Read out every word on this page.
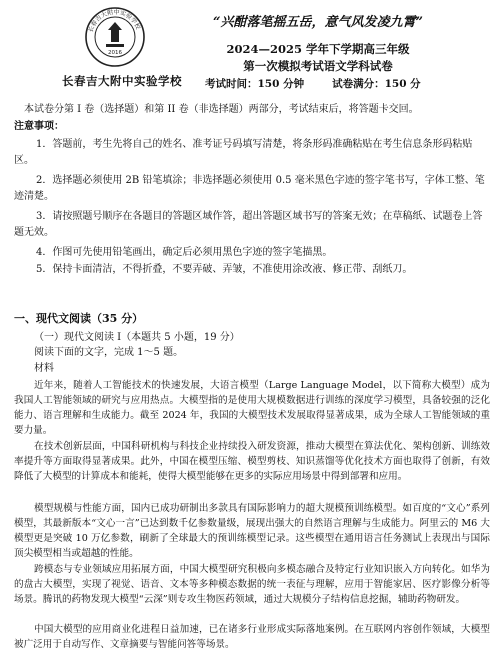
2016
长春吉大附中实验学校
长春吉大附中实验学校
“兴酣落笔摇五岳，意气风发凌九霄”
2024—2025 学年下学期高三年级
第一次模拟考试语文学科试卷
考试时间：150 分钟	试卷满分：150 分
本试卷分第 I 卷（选择题）和第 II 卷（非选择题）两部分，考试结束后，将答题卡交回。
注意事项：
1．答题前，考生先将自己的姓名、准考证号码填写清楚，将条形码准确粘贴在考生信息条形码粘贴区。
2．选择题必须使用 2B 铅笔填涂；非选择题必须使用 0.5 毫米黑色字迹的签字笔书写，字体工整、笔迹清楚。
3．请按照题号顺序在各题目的答题区域作答，超出答题区域书写的答案无效；在草稿纸、试题卷上答题无效。
4．作图可先使用铅笔画出，确定后必须用黑色字迹的签字笔描黑。
5．保持卡面清洁，不得折叠，不要弄破、弄皱，不准使用涂改液、修正带、刮纸刀。
一、现代文阅读（35 分）
（一）现代文阅读 I（本题共 5 小题，19 分）
阅读下面的文字，完成 1～5 题。
材料
近年来，随着人工智能技术的快速发展，大语言模型（Large Language Model，以下简称大模型）成为我国人工智能领域的研究与应用热点。大模型指的是使用大规模数据进行训练的深度学习模型，具备较强的泛化能力、语言理解和生成能力。截至 2024 年，我国的大模型技术发展取得显著成果，成为全球人工智能领域的重要力量。
在技术创新层面，中国科研机构与科技企业持续投入研发资源，推动大模型在算法优化、架构创新、训练效率提升等方面取得显著成果。此外，中国在模型压缩、模型剪枝、知识蒸馏等优化技术方面也取得了创新，有效降低了大模型的计算成本和能耗，使得大模型能够在更多的实际应用场景中得到部署和应用。
模型规模与性能方面，国内已成功研制出多款具有国际影响力的超大规模预训练模型。如百度的“文心”系列模型，其最新版本“文心一言”已达到数千亿参数量级，展现出强大的自然语言理解与生成能力。阿里云的 M6 大模型更是突破 10 万亿参数，刷新了全球最大的预训练模型记录。这些模型在通用语言任务测试上表现出与国际顶尖模型相当或超越的性能。
跨模态与专业领域应用拓展方面，中国大模型研究积极向多模态融合及特定行业知识嵌入方向转化。如华为的盘古大模型，实现了视觉、语音、文本等多种模态数据的统一表征与理解，应用于智能家居、医疗影像分析等场景。腾讯的药物发现大模型“云深”则专攻生物医药领域，通过大规模分子结构信息挖掘，辅助药物研发。
中国大模型的应用商业化进程日益加速，已在诸多行业形成实际落地案例。在互联网内容创作领域，大模型被广泛用于自动写作、文章摘要与智能问答等场景。
